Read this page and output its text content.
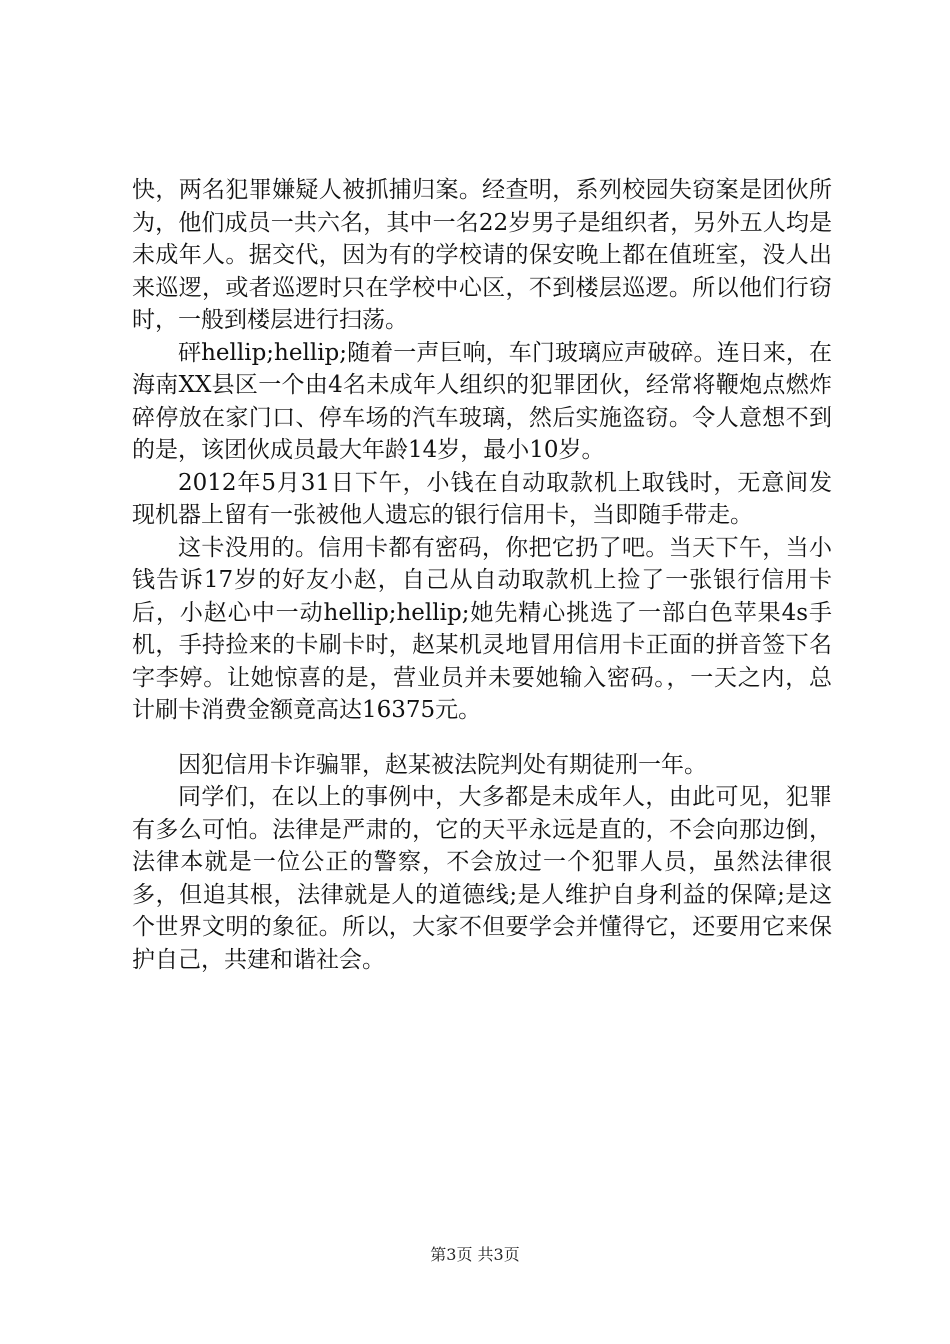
快，两名犯罪嫌疑人被抓捕归案。经查明，系列校园失窃案是团伙所为，他们成员一共六名，其中一名22岁男子是组织者，另外五人均是未成年人。据交代，因为有的学校请的保安晚上都在值班室，没人出来巡逻，或者巡逻时只在学校中心区，不到楼层巡逻。所以他们行窃时，一般到楼层进行扫荡。

砰hellip;hellip;随着一声巨响，车门玻璃应声破碎。连日来，在海南XX县区一个由4名未成年人组织的犯罪团伙，经常将鞭炮点燃炸碎停放在家门口、停车场的汽车玻璃，然后实施盗窃。令人意想不到的是，该团伙成员最大年龄14岁，最小10岁。

2012年5月31日下午，小钱在自动取款机上取钱时，无意间发现机器上留有一张被他人遗忘的银行信用卡，当即随手带走。

这卡没用的。信用卡都有密码，你把它扔了吧。当天下午，当小钱告诉17岁的好友小赵，自己从自动取款机上捡了一张银行信用卡后，小赵心中一动hellip;hellip;她先精心挑选了一部白色苹果4s手机，手持捡来的卡刷卡时，赵某机灵地冒用信用卡正面的拼音签下名字李婷。让她惊喜的是，营业员并未要她输入密码。，一天之内，总计刷卡消费金额竟高达16375元。

因犯信用卡诈骗罪，赵某被法院判处有期徒刑一年。

同学们，在以上的事例中，大多都是未成年人，由此可见，犯罪有多么可怕。法律是严肃的，它的天平永远是直的，不会向那边倒，法律本就是一位公正的警察，不会放过一个犯罪人员，虽然法律很多，但追其根，法律就是人的道德线;是人维护自身利益的保障;是这个世界文明的象征。所以，大家不但要学会并懂得它，还要用它来保护自己，共建和谐社会。

第3页 共3页
